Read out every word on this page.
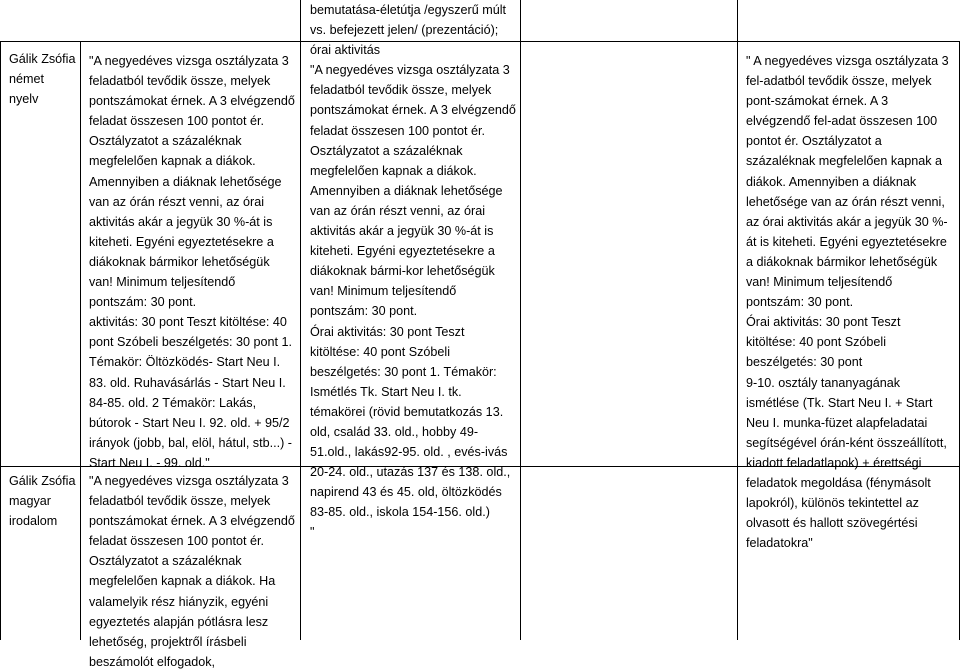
Gálik Zsófia

német

nyelv

"A negyedéves vizsga osztályzata 3

feladatból tevődik össze, melyek

pontszámokat érnek. A 3 elvégzendő

feladat összesen 100 pontot ér.

Osztályzatot a százaléknak

megfelelően kapnak a diákok.

Amennyiben a diáknak lehetősége

van az órán részt venni, az órai

aktivitás akár a jegyük 30 %-át is

kiteheti. Egyéni egyeztetésekre a

diákoknak bármikor lehetőségük

van! Minimum teljesítendő

pontszám: 30 pont.

aktivitás: 30 pont Teszt kitöltése: 40

pont Szóbeli beszélgetés: 30 pont 1.

Témakör: Öltözködés- Start Neu I.

83. old. Ruhavásárlás - Start Neu I.

84-85. old. 2 Témakör: Lakás,

bútorok - Start Neu I. 92. old. + 95/2

irányok (jobb, bal, elöl, hátul, stb...) -

Start Neu I. - 99. old."

bemutatása-életútja /egyszerű múlt

vs. befejezett jelen/ (prezentáció);

órai aktivitás

"A negyedéves vizsga osztályzata 3

feladatból tevődik össze, melyek

pontszámokat érnek. A 3 elvégzendő

feladat összesen 100 pontot ér.

Osztályzatot a százaléknak

megfelelően kapnak a diákok.

Amennyiben a diáknak lehetősége

van az órán részt venni, az órai

aktivitás akár a jegyük 30 %-át is

kiteheti. Egyéni egyeztetésekre a

diákoknak bármi-kor lehetőségük

van! Minimum teljesítendő

pontszám: 30 pont.

Órai aktivitás: 30 pont Teszt

kitöltése: 40 pont Szóbeli

beszélgetés: 30 pont 1. Témakör:

Ismétlés Tk. Start Neu I. tk.

témakörei (rövid bemutatkozás 13.

old, család 33. old., hobby 49-

51.old., lakás92-95. old. , evés-ivás

20-24. old., utazás 137 és 138. old.,

napirend 43 és 45. old, öltözködés

83-85. old., iskola 154-156. old.)

"

" A negyedéves vizsga osztályzata 3

fel-adatból tevődik össze, melyek

pont-számokat érnek. A 3

elvégzendő fel-adat összesen 100

pontot ér. Osztályzatot a

százaléknak megfelelően kapnak a

diákok. Amennyiben a diáknak

lehetősége van az órán részt venni,

az órai aktivitás akár a jegyük 30 %-

át is kiteheti. Egyéni egyeztetésekre

a diákoknak bármikor lehetőségük

van! Minimum teljesítendő

pontszám: 30 pont.

Órai aktivitás: 30 pont Teszt

kitöltése: 40 pont Szóbeli

beszélgetés: 30 pont

9-10. osztály tananyagának

ismétlése (Tk. Start Neu I. + Start

Neu I. munka-füzet alapfeladatai

segítségével órán-ként összeállított,

kiadott feladatlapok) + érettségi

feladatok megoldása (fénymásolt

lapokról), különös tekintettel az

olvasott és hallott szövegértési

feladatokra"

Gálik Zsófia

magyar

irodalom

"A negyedéves vizsga osztályzata 3

feladatból tevődik össze, melyek

pontszámokat érnek. A 3 elvégzendő

feladat összesen 100 pontot ér.

Osztályzatot a százaléknak

megfelelően kapnak a diákok. Ha

valamelyik rész hiányzik, egyéni

egyeztetés alapján pótlásra lesz

lehetőség, projektről írásbeli

beszámolót elfogadok,
